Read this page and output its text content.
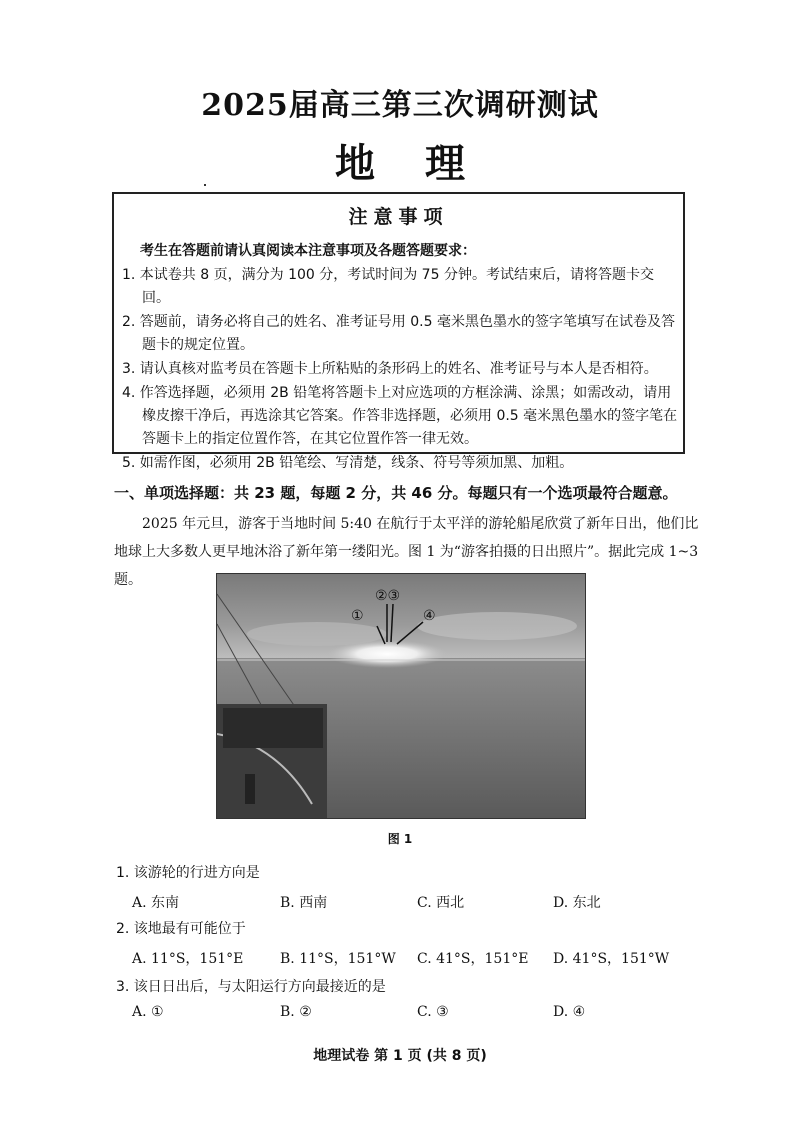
2025届高三第三次调研测试
地理
注意事项
考生在答题前请认真阅读本注意事项及各题答题要求：
1. 本试卷共 8 页，满分为 100 分，考试时间为 75 分钟。考试结束后，请将答题卡交回。
2. 答题前，请务必将自己的姓名、准考证号用 0.5 毫米黑色墨水的签字笔填写在试卷及答题卡的规定位置。
3. 请认真核对监考员在答题卡上所粘贴的条形码上的姓名、准考证号与本人是否相符。
4. 作答选择题，必须用 2B 铅笔将答题卡上对应选项的方框涂满、涂黑；如需改动，请用橡皮擦干净后，再选涂其它答案。作答非选择题，必须用 0.5 毫米黑色墨水的签字笔在答题卡上的指定位置作答，在其它位置作答一律无效。
5. 如需作图，必须用 2B 铅笔绘、写清楚，线条、符号等须加黑、加粗。
一、单项选择题：共 23 题，每题 2 分，共 46 分。每题只有一个选项最符合题意。
2025 年元旦，游客于当地时间 5:40 在航行于太平洋的游轮船尾欣赏了新年日出，他们比地球上大多数人更早地沐浴了新年第一缕阳光。图 1 为“游客拍摄的日出照片”。据此完成 1~3 题。
①
②③
④
图 1
1. 该游轮的行进方向是
A. 东南	B. 西南	C. 西北	D. 东北
2. 该地最有可能位于
A. 11°S，151°E	B. 11°S，151°W C. 41°S，151°E D. 41°S，151°W
3. 该日日出后，与太阳运行方向最接近的是
A. ①	B. ②	C. ③	D. ④
地理试卷 第 1 页 (共 8 页)
